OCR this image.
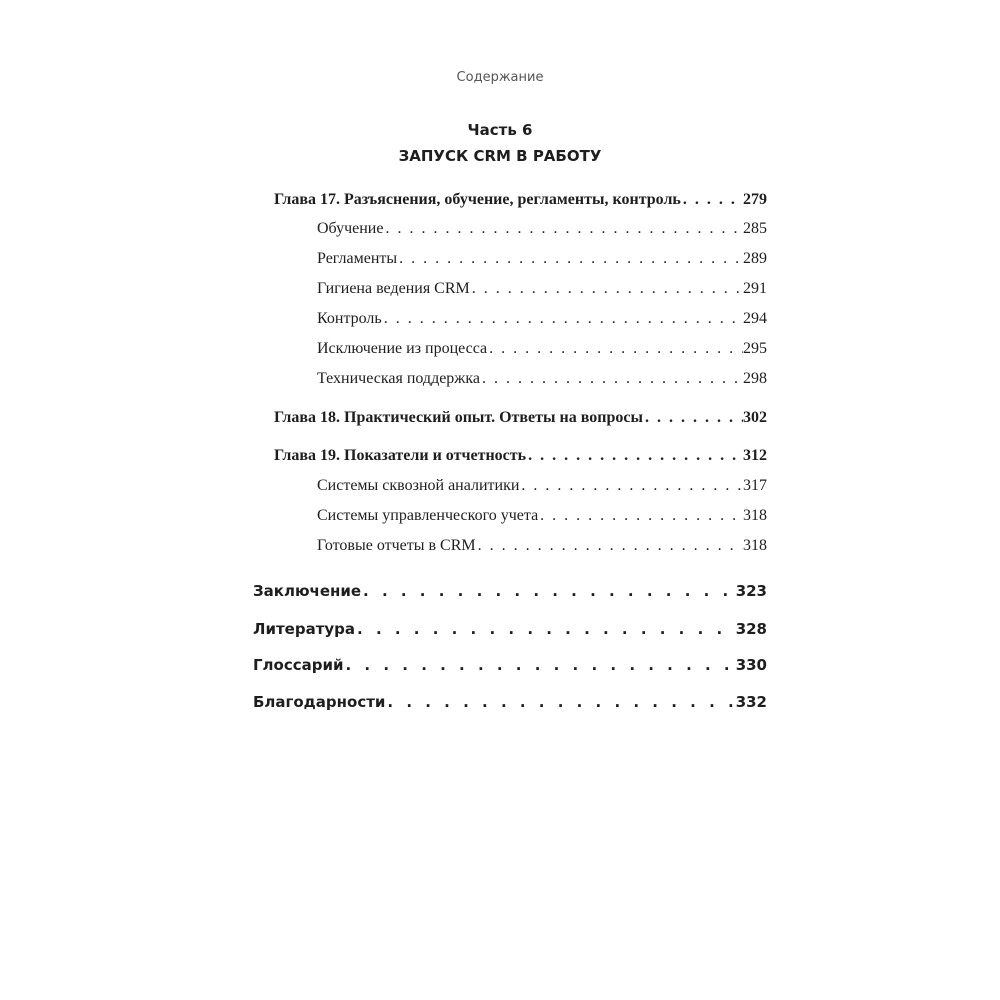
Содержание
Часть 6
ЗАПУСК CRM В РАБОТУ
Глава 17. Разъяснения, обучение, регламенты, контроль . . .	279
Обучение . . .	285
Регламенты . . .	289
Гигиена ведения CRM . . .	291
Контроль . . .	294
Исключение из процесса . . .	295
Техническая поддержка . . .	298
Глава 18. Практический опыт. Ответы на вопросы . . .	302
Глава 19. Показатели и отчетность . . .	312
Системы сквозной аналитики . . .	317
Системы управленческого учета . . .	318
Готовые отчеты в CRM . . .	318
Заключение . . .	323
Литература . . .	328
Глоссарий . . .	330
Благодарности . . .	332
